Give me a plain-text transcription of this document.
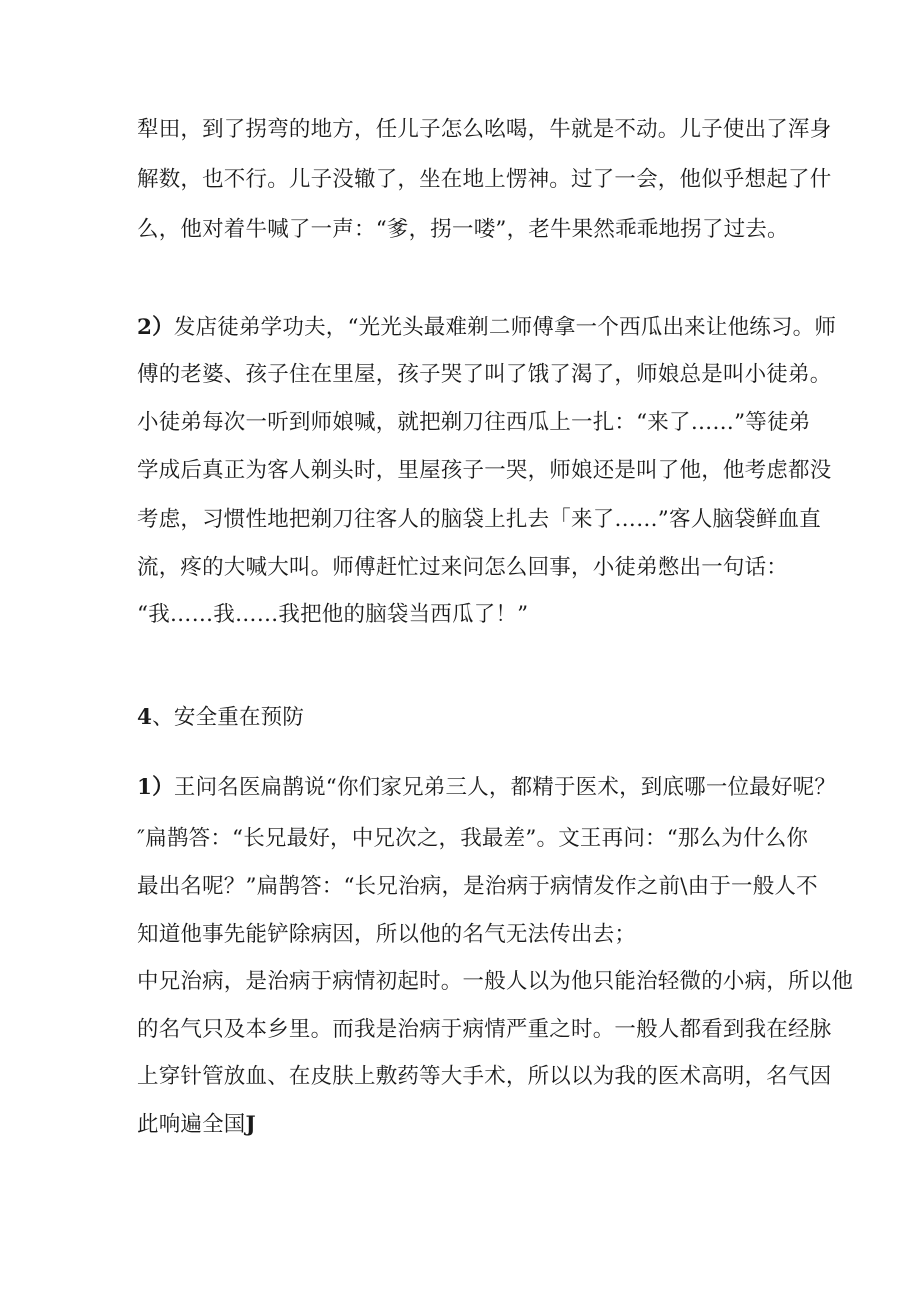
犁田，到了拐弯的地方，任儿子怎么吆喝，牛就是不动。儿子使出了浑身
解数，也不行。儿子没辙了，坐在地上愣神。过了一会，他似乎想起了什
么，他对着牛喊了一声：“爹，拐一喽”，老牛果然乖乖地拐了过去。
2）发店徒弟学功夫，“光光头最难剃二师傅拿一个西瓜出来让他练习。师
傅的老婆、孩子住在里屋，孩子哭了叫了饿了渴了，师娘总是叫小徒弟。
小徒弟每次一听到师娘喊，就把剃刀往西瓜上一扎：“来了……”等徒弟
学成后真正为客人剃头时，里屋孩子一哭，师娘还是叫了他，他考虑都没
考虑，习惯性地把剃刀往客人的脑袋上扎去「来了……”客人脑袋鲜血直
流，疼的大喊大叫。师傅赶忙过来问怎么回事，小徒弟憋出一句话：
“我……我……我把他的脑袋当西瓜了！”
4、安全重在预防
1）王问名医扁鹊说“你们家兄弟三人，都精于医术，到底哪一位最好呢？
″扁鹊答：“长兄最好，中兄次之，我最差”。文王再问：“那么为什么你
最出名呢？”扁鹊答：“长兄治病，是治病于病情发作之前\由于一般人不
知道他事先能铲除病因，所以他的名气无法传出去；
中兄治病，是治病于病情初起时。一般人以为他只能治轻微的小病，所以他
的名气只及本乡里。而我是治病于病情严重之时。一般人都看到我在经脉
上穿针管放血、在皮肤上敷药等大手术，所以以为我的医术高明，名气因
此响遍全国J
